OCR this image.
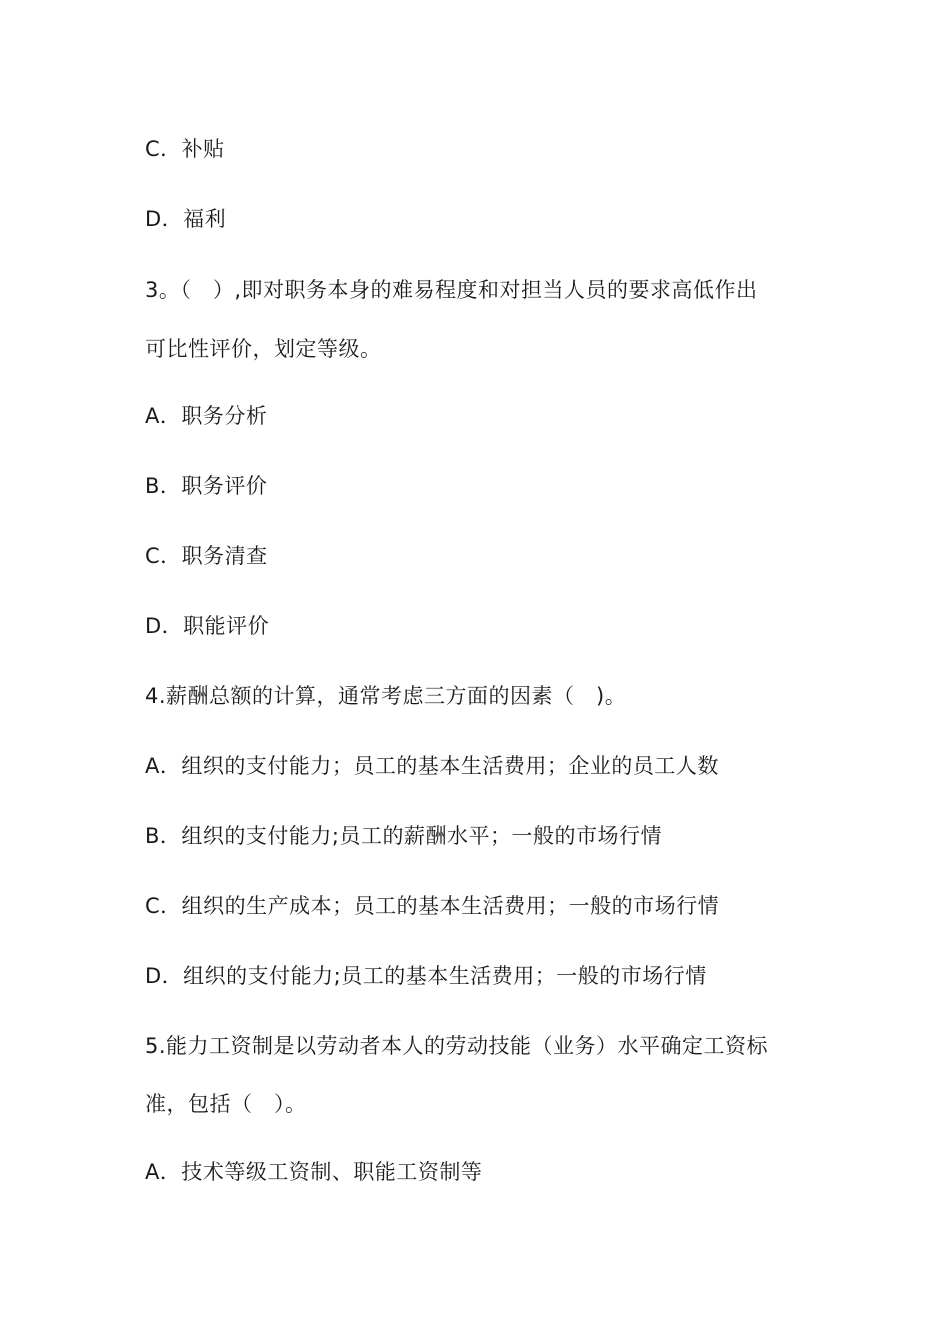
C．补贴
D．福利
3。（　）,即对职务本身的难易程度和对担当人员的要求高低作出
可比性评价，划定等级。
A．职务分析
B．职务评价
C．职务清查
D．职能评价
4.薪酬总额的计算，通常考虑三方面的因素（　)。
A．组织的支付能力；员工的基本生活费用；企业的员工人数
B．组织的支付能力;员工的薪酬水平；一般的市场行情
C．组织的生产成本；员工的基本生活费用；一般的市场行情
D．组织的支付能力;员工的基本生活费用；一般的市场行情
5.能力工资制是以劳动者本人的劳动技能（业务）水平确定工资标
准，包括（　）。
A．技术等级工资制、职能工资制等
